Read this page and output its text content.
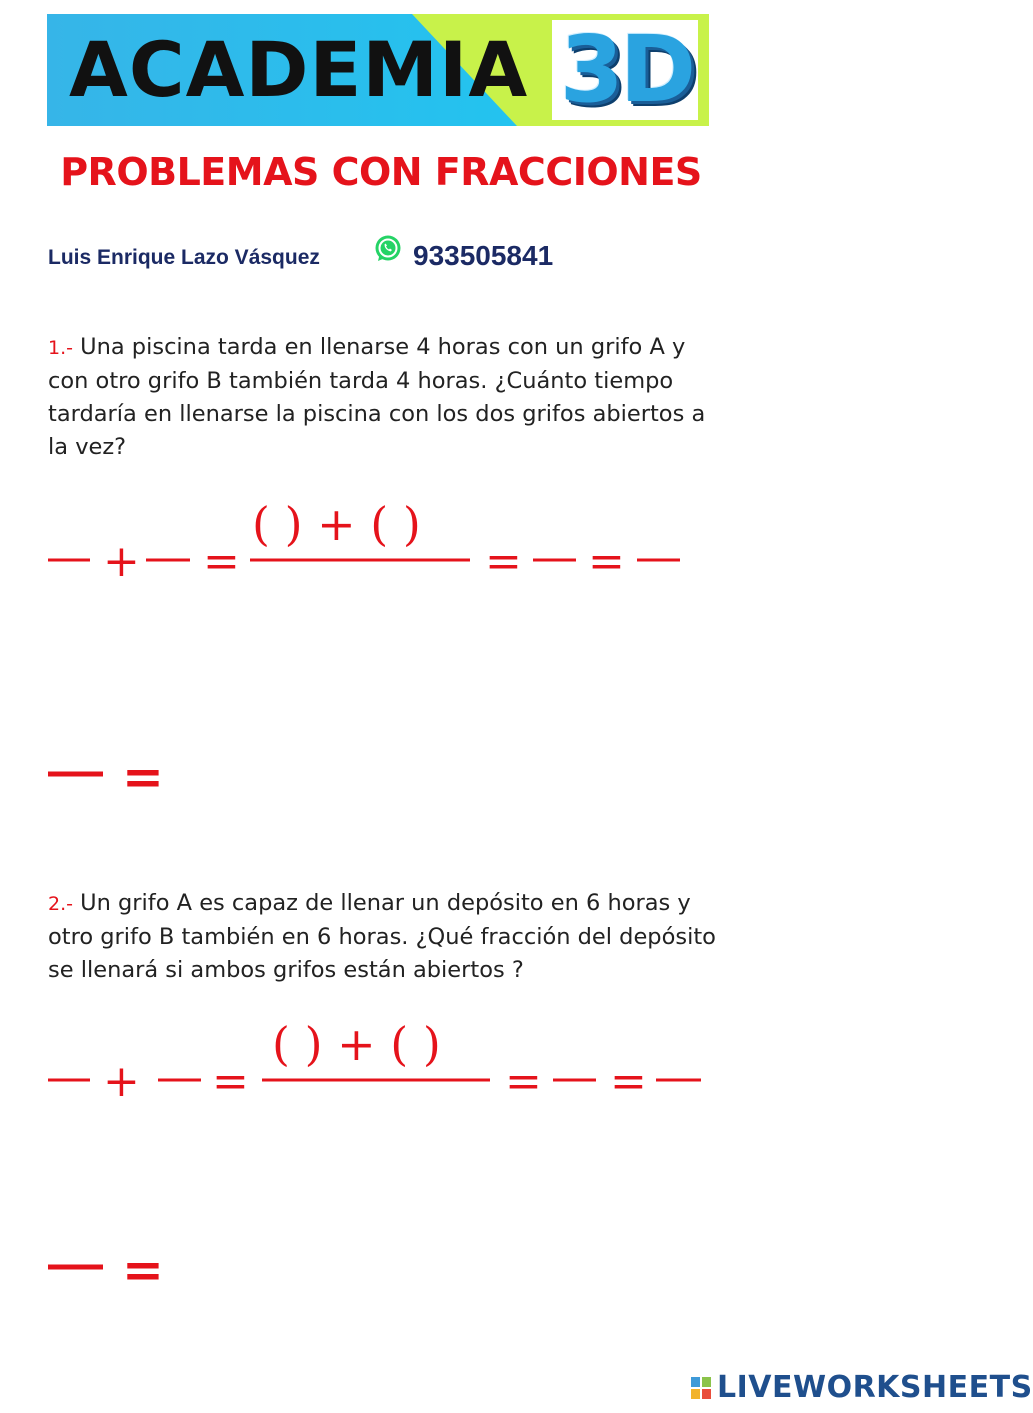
ACADEMIA 3D
PROBLEMAS CON FRACCIONES
Luis Enrique Lazo Vásquez	933505841
1.- Una piscina tarda en llenarse 4 horas con un grifo A y con otro grifo B también tarda 4 horas. ¿Cuánto tiempo tardaría en llenarse la piscina con los dos grifos abiertos a la vez?
+ =
( ) + ( )
= =
=
2.- Un grifo A es capaz de llenar un depósito en 6 horas y otro grifo B también en 6 horas. ¿Qué fracción del depósito se llenará si ambos grifos están abiertos ?
+ =
( ) + ( )
= =
=
LIVEWORKSHEETS
